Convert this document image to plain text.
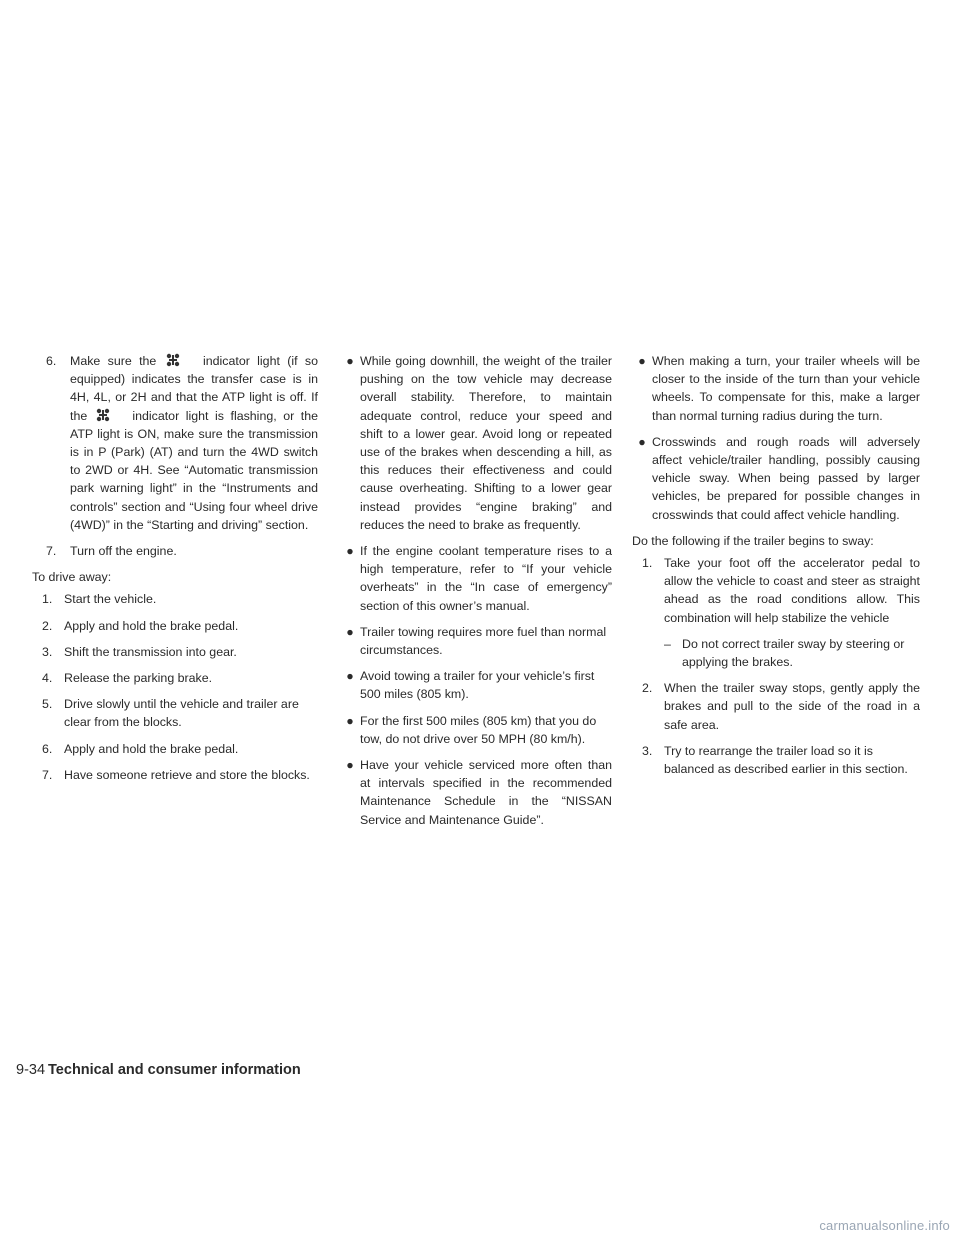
6.	Make sure the	indicator light (if so equipped) indicates the transfer case is in 4H, 4L, or 2H and that the ATP light is off. If the	indicator light is flashing, or the ATP light is ON, make sure the transmission is in P (Park) (AT) and turn the 4WD switch to 2WD or 4H. See “Automatic transmission park warning light” in the “Instruments and controls” section and “Using four wheel drive (4WD)” in the “Starting and driving” section.
7.	Turn off the engine.

To drive away:

1. Start the vehicle.
2. Apply and hold the brake pedal.
3. Shift the transmission into gear.
4. Release the parking brake.
5. Drive slowly until the vehicle and trailer are clear from the blocks.
6. Apply and hold the brake pedal.
7. Have someone retrieve and store the blocks.
● While going downhill, the weight of the trailer pushing on the tow vehicle may decrease overall stability. Therefore, to maintain adequate control, reduce your speed and shift to a lower gear. Avoid long or repeated use of the brakes when descending a hill, as this reduces their effectiveness and could cause overheating. Shifting to a lower gear instead provides “engine braking” and reduces the need to brake as frequently.
● If the engine coolant temperature rises to a high temperature, refer to “If your vehicle overheats” in the “In case of emergency” section of this owner’s manual.
● Trailer towing requires more fuel than normal circumstances.
● Avoid towing a trailer for your vehicle’s first 500 miles (805 km).
● For the first 500 miles (805 km) that you do tow, do not drive over 50 MPH (80 km/h).
● Have your vehicle serviced more often than at intervals specified in the recommended Maintenance Schedule in the “NISSAN Service and Maintenance Guide”.
● When making a turn, your trailer wheels will be closer to the inside of the turn than your vehicle wheels. To compensate for this, make a larger than normal turning radius during the turn.
● Crosswinds and rough roads will adversely affect vehicle/trailer handling, possibly causing vehicle sway. When being passed by larger vehicles, be prepared for possible changes in crosswinds that could affect vehicle handling.

Do the following if the trailer begins to sway:

1. Take your foot off the accelerator pedal to allow the vehicle to coast and steer as straight ahead as the road conditions allow. This combination will help stabilize the vehicle
– Do not correct trailer sway by steering or applying the brakes.
2. When the trailer sway stops, gently apply the brakes and pull to the side of the road in a safe area.
3. Try to rearrange the trailer load so it is balanced as described earlier in this section.
9-34 Technical and consumer information
carmanualsonline.info
